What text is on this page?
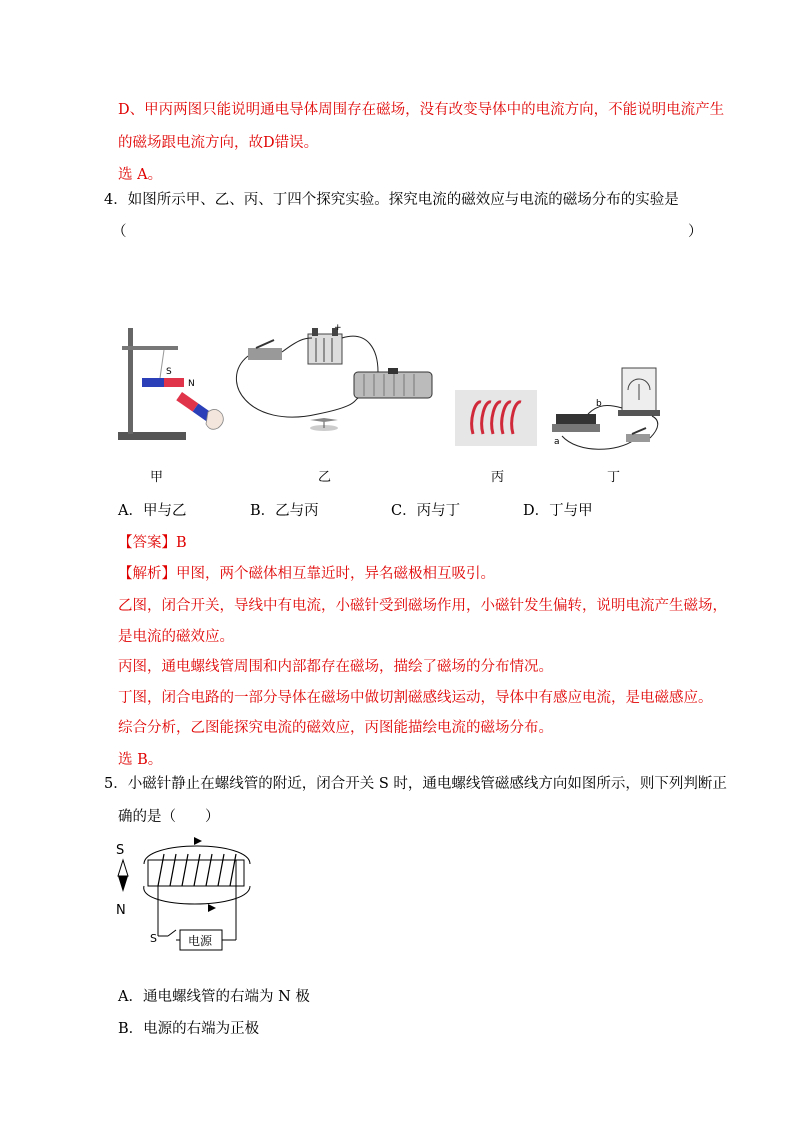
D、甲丙两图只能说明通电导体周围存在磁场，没有改变导体中的电流方向，不能说明电流产生
的磁场跟电流方向，故D错误。
选 A。
4．如图所示甲、乙、丙、丁四个探究实验。探究电流的磁效应与电流的磁场分布的实验是
（	）
S
N
+
b
a
甲	乙	丙	丁
A．甲与乙	B．乙与丙	C．丙与丁	D．丁与甲
【答案】B
【解析】甲图，两个磁体相互靠近时，异名磁极相互吸引。
乙图，闭合开关，导线中有电流，小磁针受到磁场作用，小磁针发生偏转，说明电流产生磁场，
是电流的磁效应。
丙图，通电螺线管周围和内部都存在磁场，描绘了磁场的分布情况。
丁图，闭合电路的一部分导体在磁场中做切割磁感线运动，导体中有感应电流，是电磁感应。
综合分析，乙图能探究电流的磁效应，丙图能描绘电流的磁场分布。
选 B。
5．小磁针静止在螺线管的附近，闭合开关 S 时，通电螺线管磁感线方向如图所示，则下列判断正
确的是（　　）
S
N
S	电源
A．通电螺线管的右端为 N 极
B．电源的右端为正极
